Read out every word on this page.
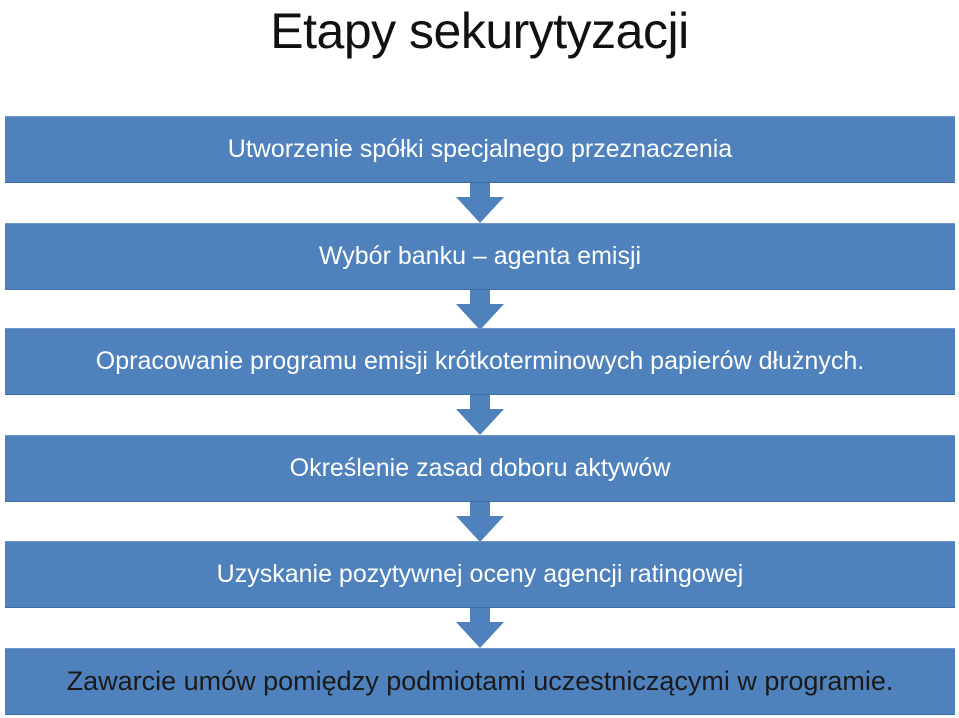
Etapy sekurytyzacji
Utworzenie spółki specjalnego przeznaczenia
Wybór banku – agenta emisji
Opracowanie programu emisji krótkoterminowych papierów dłużnych.
Określenie zasad doboru aktywów
Uzyskanie pozytywnej oceny agencji ratingowej
Zawarcie umów pomiędzy podmiotami uczestniczącymi w programie.
